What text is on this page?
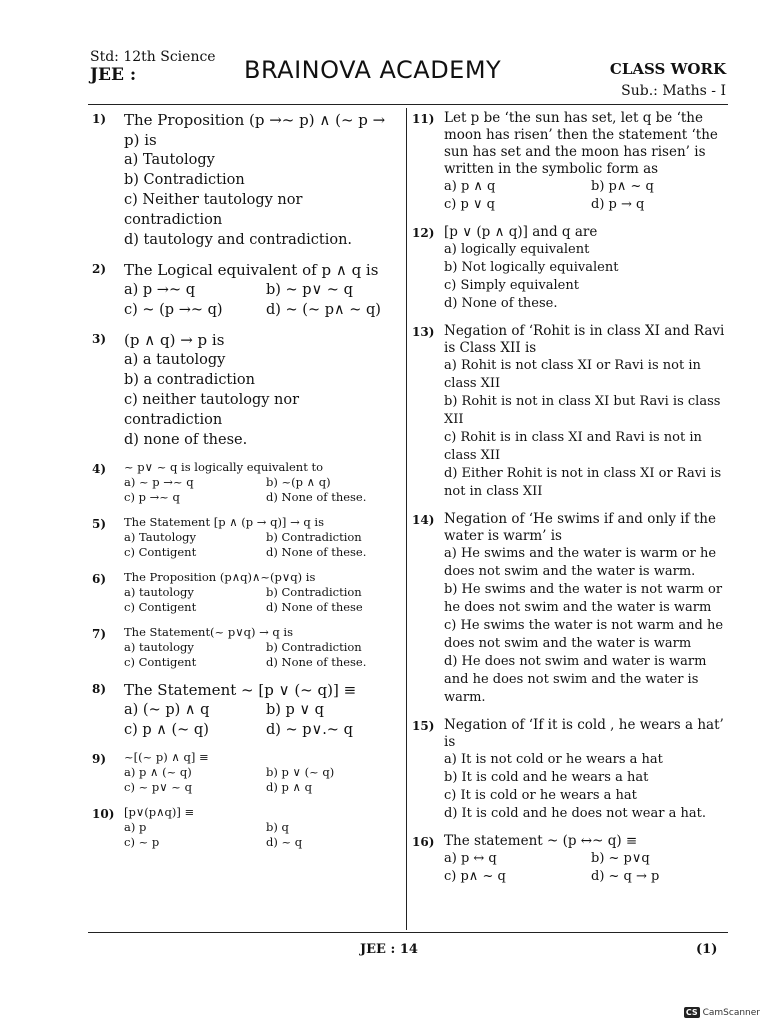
Std: 12th Science
JEE :	BRAINOVA ACADEMY	CLASS WORK
Sub.: Maths - I
1)	The Proposition (p →~ p) ∧ (~ p → p) is
a) Tautology
b) Contradiction
c) Neither tautology nor contradiction
d) tautology and contradiction.
2)	The Logical equivalent of p ∧ q is
a) p →~ q	b) ~ p∨ ~ q
c) ~ (p →~ q)	d) ~ (~ p∧ ~ q)
3)	(p ∧ q) → p is
a) a tautology
b) a contradiction
c) neither tautology nor contradiction
d) none of these.
4)	~ p∨ ~ q is logically equivalent to
a) ~ p →~ q	b) ~(p ∧ q)
c) p →~ q	d) None of these.
5)	The Statement [p ∧ (p → q)] → q is
a) Tautology	b) Contradiction
c) Contigent	d) None of these.
6)	The Proposition (p∧q)∧~(p∨q) is
a) tautology	b) Contradiction
c) Contigent	d) None of these
7)	The Statement(~ p∨q) → q is
a) tautology	b) Contradiction
c) Contigent	d) None of these.
8)	The Statement ~ [p ∨ (~ q)] ≡
a) (~ p) ∧ q	b) p ∨ q
c) p ∧ (~ q)	d) ~ p∨.~ q
9)	~[(~ p) ∧ q] ≡
a) p ∧ (~ q)	b) p ∨ (~ q)
c) ~ p∨ ~ q	d) p ∧ q
10) [p∨(p∧q)] ≡
a) p	b) q
c) ~ p	d) ~ q
11) Let p be ‘the sun has set, let q be ‘the moon has risen’ then the statement ‘the sun has set and the moon has risen’ is written in the symbolic form as
a) p ∧ q	b) p∧ ~ q
c) p ∨ q	d) p → q
12) [p ∨ (p ∧ q)] and q are
a) logically equivalent
b) Not logically equivalent
c) Simply equivalent
d) None of these.
13) Negation of ‘Rohit is in class XI and Ravi is Class XII is
a) Rohit is not class XI or Ravi is not in class XII
b) Rohit is not in class XI but Ravi is class XII
c) Rohit is in class XI and Ravi is not in class XII
d) Either Rohit is not in class XI or Ravi is not in class XII
14) Negation of ‘He swims if and only if the water is warm’ is
a) He swims and the water is warm or he does not swim and the water is warm.
b) He swims and the water is not warm or he does not swim and the water is warm
c) He swims the water is not warm and he does not swim and the water is warm
d) He does not swim and water is warm and he does not swim and the water is warm.
15) Negation of ‘If it is cold , he wears a hat’ is
a) It is not cold or he wears a hat
b) It is cold and he wears a hat
c) It is cold or he wears a hat
d) It is cold and he does not wear a hat.
16) The statement ~ (p ↔~ q) ≡
a) p ↔ q	b) ~ p∨q
c) p∧ ~ q	d) ~ q → p
JEE : 14	(1)
CS CamScanner
